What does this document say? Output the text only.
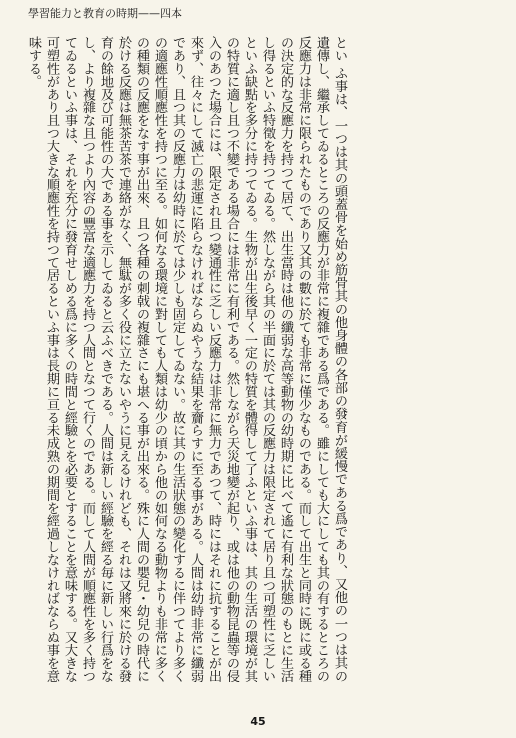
學習能力と教育の時期——四本

とい ふ事は、一つは其の頭蓋骨を始め筋骨其の他身體の各部の發育が緩慢である爲であり、又他の一つは其の遺傳し、繼承してゐるところの反應力が非常に複雜である爲である。雖にしても大にしても其の有するところの反應力は非常に限られたものであり又其の數に於ても非常に僅少なものである。而して出生と同時に既に或る種の決定的な反應力を持つて居て、出生當時は他の纖弱な高等動物の幼時期に比べて遙に有利な狀態のもとに生活し得るといふ特徵を持つてゐる。然しながら其の半面に於ては其の反應力は限定されて居り且つ可塑性に乏しいといふ缺點を多分に持つてゐる。生物が出生後早く一定の特質を體得して了ふといふ事は、其の生活の環境が其の特質に適し且つ不變である場合には非常に有利である。然しながら天災地變が起り、或は他の動物昆蟲等の侵入のあつた場合には、限定され且つ變通性に乏しい反應力は非常に無力であつて、時にはそれに抗することが出來ず、往々にして滅亡の悲運に陷らなければならぬやうな結果を齎らすに至る事がある。人間は幼時非常に纖弱であり、且つ其の反應力は幼時に於ては少しも固定してゐない。故に其の生活狀態の變化するに伴つてより多くの適應性順應性を持つに至る。如何なる環境に對しても人類は幼少の頃から他の如何なる動物よりも非常に多くの種類の反應をなす事が出來、且つ各種の刺戟の複雜さにも堪へる事が出來る。殊に人間の嬰兒・幼兒の時代に於ける反應は無茶苦茶で連絡がなく、無駄が多く役に立たないやうに見えるけれども、それは又將來に於ける發育の餘地及び可能性の大である事を示してゐると云ふべきである。人間は新しい經驗を經る毎に新しい行爲をなし、より複雜な且つより內容の豐富な適應力を持つ人間となつて行くのである。而して人間が順應性を多く持つてゐるといふ事は、それを充分に發育せしめる爲に多くの時間と經驗とを必要とすることを意味する。又大きな可塑性があり且つ大きな順應性を持つて居るといふ事は長期に亘る未成熟の期間を經過しなければならぬ事を意味する。

45
